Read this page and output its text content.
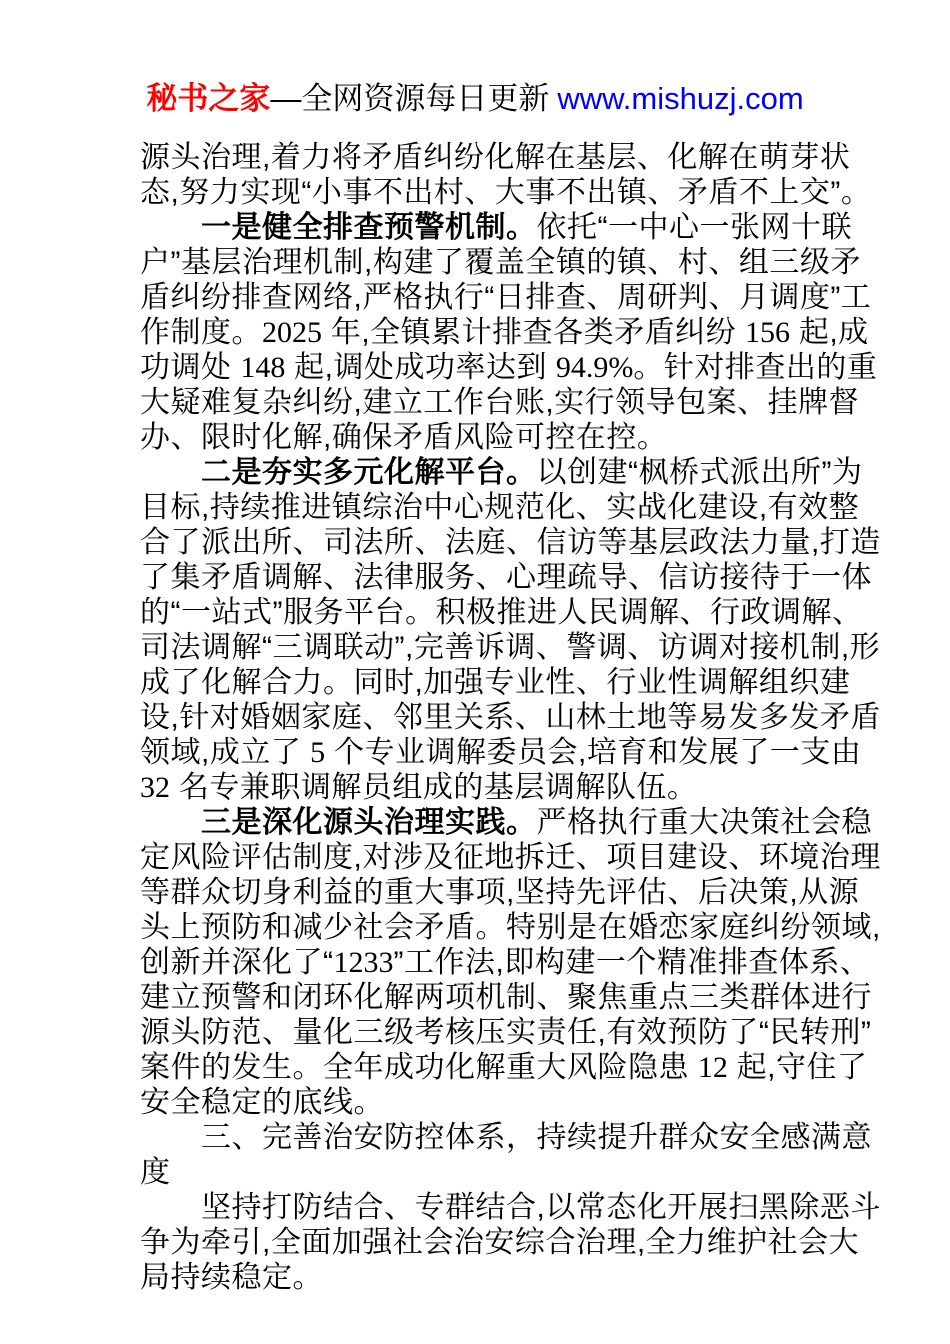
秘书之家—全网资源每日更新 www.mishuzj.com

源头治理,着力将矛盾纠纷化解在基层、化解在萌芽状态,努力实现“小事不出村、大事不出镇、矛盾不上交”。

一是健全排查预警机制。依托“一中心一张网十联户”基层治理机制,构建了覆盖全镇的镇、村、组三级矛盾纠纷排查网络,严格执行“日排查、周研判、月调度”工作制度。2025 年,全镇累计排查各类矛盾纠纷 156 起,成功调处 148 起,调处成功率达到 94.9%。针对排查出的重大疑难复杂纠纷,建立工作台账,实行领导包案、挂牌督办、限时化解,确保矛盾风险可控在控。

二是夯实多元化解平台。以创建“枫桥式派出所”为目标,持续推进镇综治中心规范化、实战化建设,有效整合了派出所、司法所、法庭、信访等基层政法力量,打造了集矛盾调解、法律服务、心理疏导、信访接待于一体的“一站式”服务平台。积极推进人民调解、行政调解、司法调解“三调联动”,完善诉调、警调、访调对接机制,形成了化解合力。同时,加强专业性、行业性调解组织建设,针对婚姻家庭、邻里关系、山林土地等易发多发矛盾领域,成立了 5 个专业调解委员会,培育和发展了一支由 32 名专兼职调解员组成的基层调解队伍。

三是深化源头治理实践。严格执行重大决策社会稳定风险评估制度,对涉及征地拆迁、项目建设、环境治理等群众切身利益的重大事项,坚持先评估、后决策,从源头上预防和减少社会矛盾。特别是在婚恋家庭纠纷领域,创新并深化了“1233”工作法,即构建一个精准排查体系、建立预警和闭环化解两项机制、聚焦重点三类群体进行源头防范、量化三级考核压实责任,有效预防了“民转刑”案件的发生。全年成功化解重大风险隐患 12 起,守住了安全稳定的底线。

三、完善治安防控体系，持续提升群众安全感满意度

坚持打防结合、专群结合,以常态化开展扫黑除恶斗争为牵引,全面加强社会治安综合治理,全力维护社会大局持续稳定。
